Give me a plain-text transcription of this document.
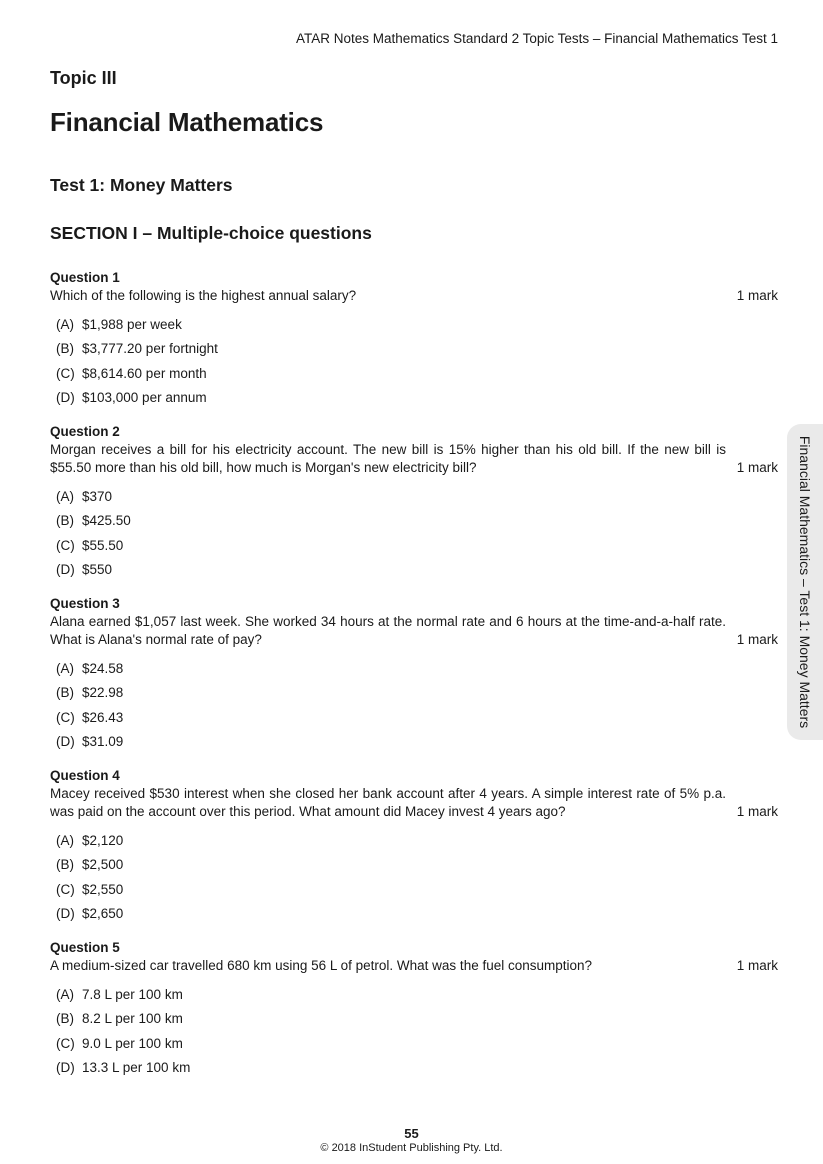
ATAR Notes Mathematics Standard 2 Topic Tests – Financial Mathematics Test 1
Topic III
Financial Mathematics
Test 1: Money Matters
SECTION I – Multiple-choice questions
Question 1
Which of the following is the highest annual salary?	1 mark
(A) $1,988 per week
(B) $3,777.20 per fortnight
(C) $8,614.60 per month
(D) $103,000 per annum
Question 2
Morgan receives a bill for his electricity account. The new bill is 15% higher than his old bill. If the new bill is $55.50 more than his old bill, how much is Morgan's new electricity bill?	1 mark
(A) $370
(B) $425.50
(C) $55.50
(D) $550
Question 3
Alana earned $1,057 last week. She worked 34 hours at the normal rate and 6 hours at the time-and-a-half rate. What is Alana's normal rate of pay?	1 mark
(A) $24.58
(B) $22.98
(C) $26.43
(D) $31.09
Question 4
Macey received $530 interest when she closed her bank account after 4 years. A simple interest rate of 5% p.a. was paid on the account over this period. What amount did Macey invest 4 years ago?	1 mark
(A) $2,120
(B) $2,500
(C) $2,550
(D) $2,650
Question 5
A medium-sized car travelled 680 km using 56 L of petrol. What was the fuel consumption?	1 mark
(A) 7.8 L per 100 km
(B) 8.2 L per 100 km
(C) 9.0 L per 100 km
(D) 13.3 L per 100 km
Financial Mathematics – Test 1: Money Matters
55
© 2018 InStudent Publishing Pty. Ltd.
